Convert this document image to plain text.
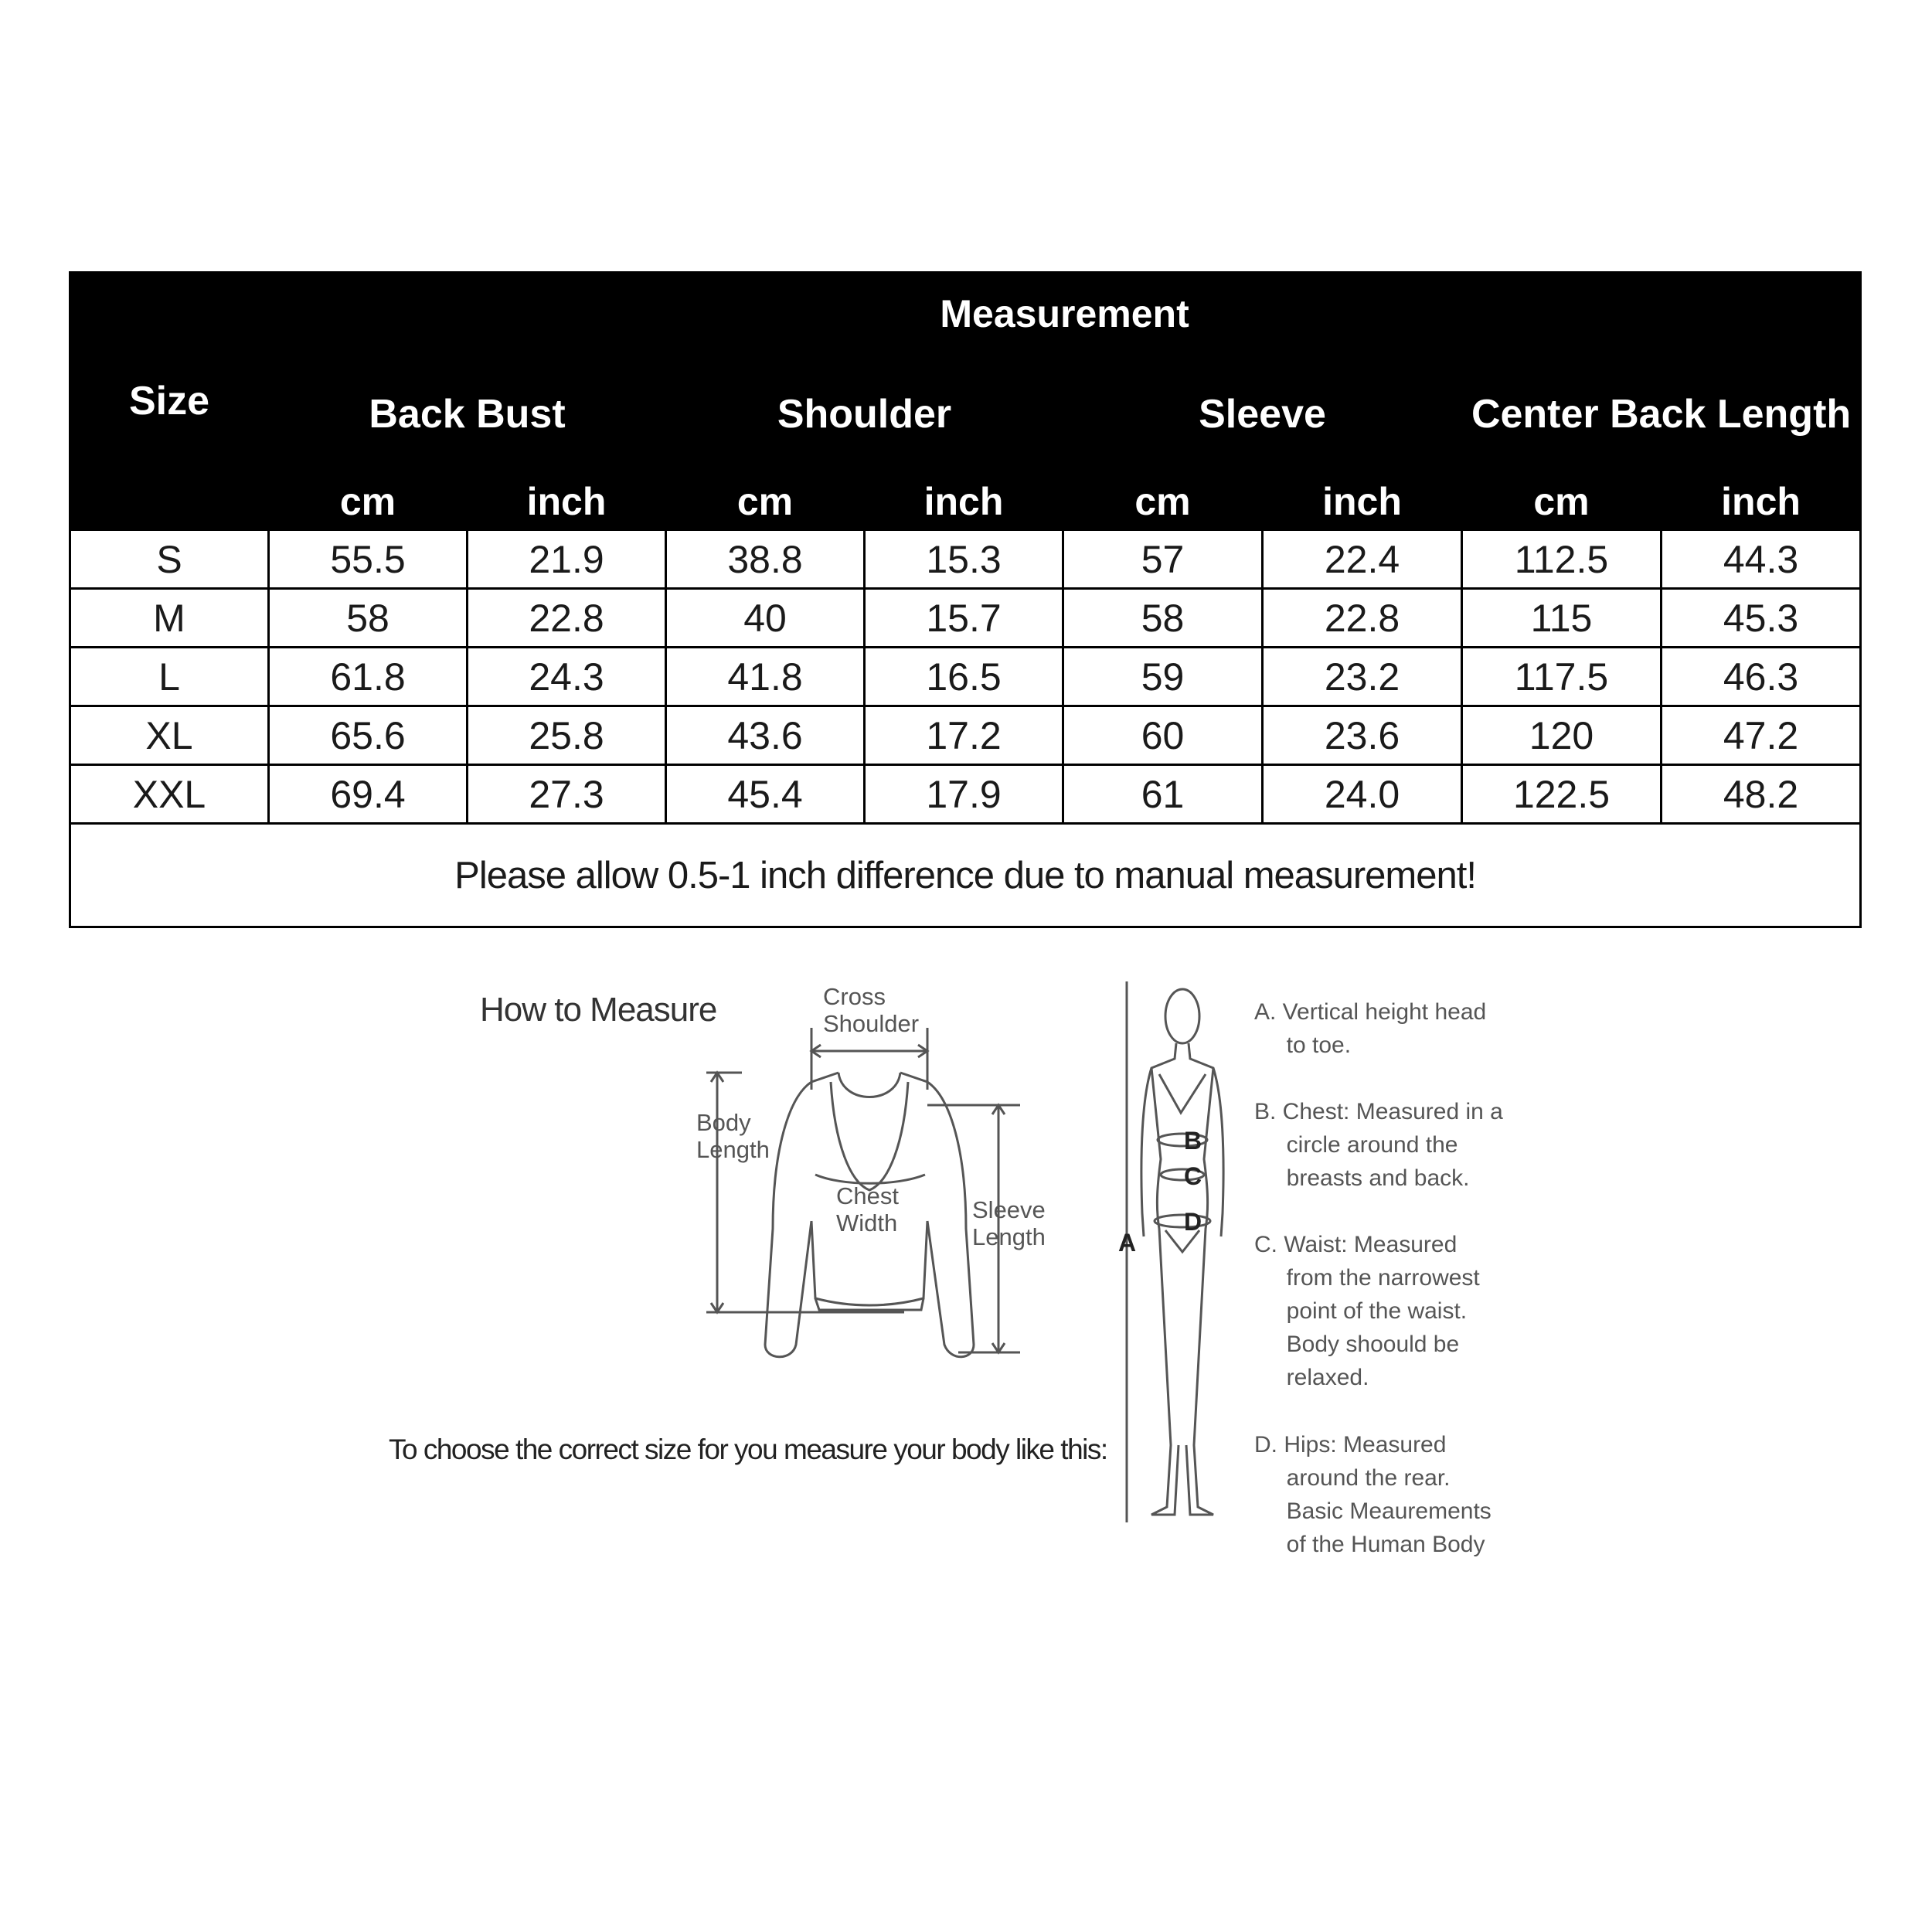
Size	Measurement							
	Back Bust		Shoulder		Sleeve		Center Back Length	
	cm	inch	cm	inch	cm	inch	cm	inch
S	55.5	21.9	38.8	15.3	57	22.4	112.5	44.3
M	58	22.8	40	15.7	58	22.8	115	45.3
L	61.8	24.3	41.8	16.5	59	23.2	117.5	46.3
XL	65.6	25.8	43.6	17.2	60	23.6	120	47.2
XXL	69.4	27.3	45.4	17.9	61	24.0	122.5	48.2
Please allow 0.5-1 inch difference due to manual measurement!								
How to Measure	Cross
Shoulder
Body
Length
Chest
Width	Sleeve
Length
B
C
D
A
A. Vertical height head
to toe.
B. Chest: Measured in a
circle around the
breasts and back.
C. Waist: Measured
from the narrowest
point of the waist.
Body shoould be
relaxed.
D. Hips: Measured
around the rear.
Basic Meaurements
of the Human Body
To choose the correct size for you measure your body like this:
